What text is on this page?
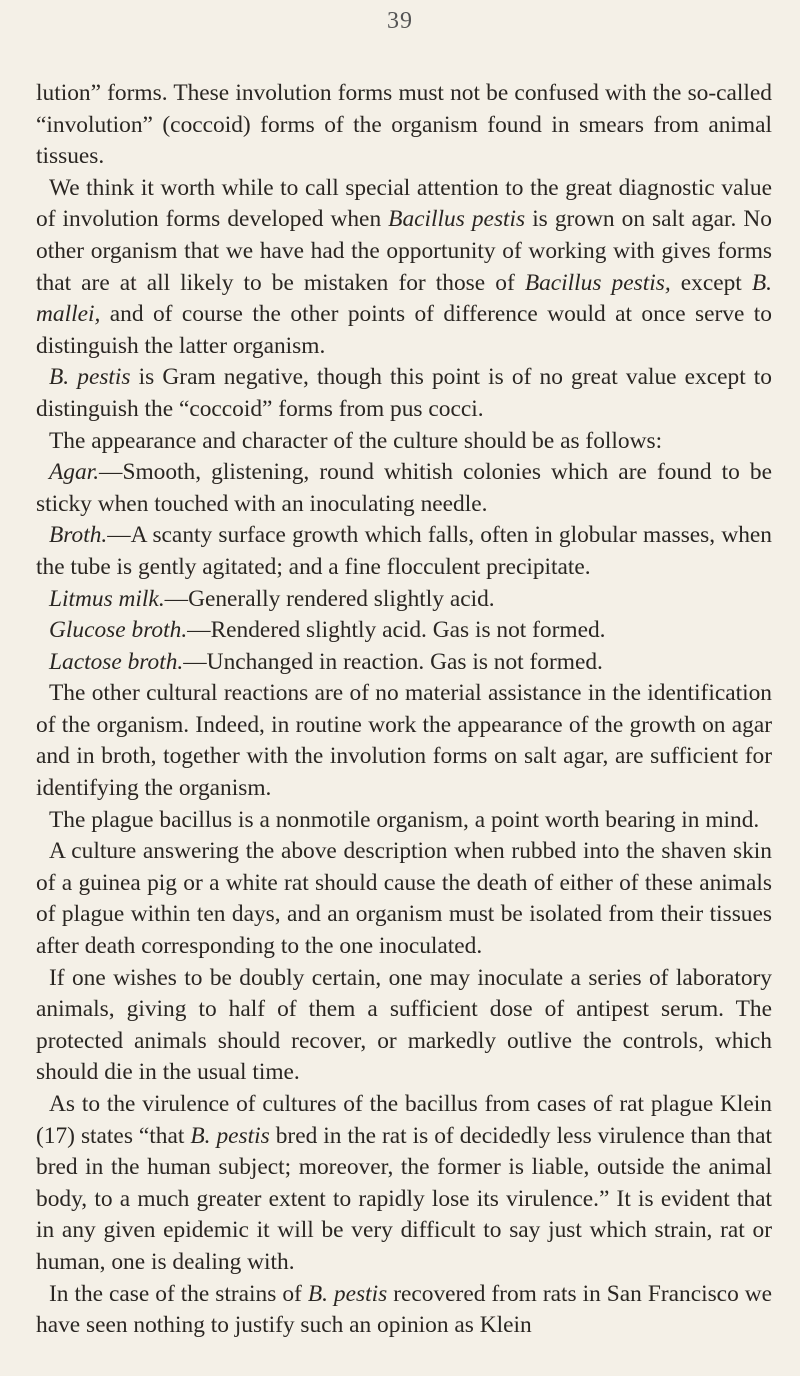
39

lution” forms. These involution forms must not be confused with the so-called “involution” (coccoid) forms of the organism found in smears from animal tissues.

We think it worth while to call special attention to the great diagnostic value of involution forms developed when Bacillus pestis is grown on salt agar. No other organism that we have had the opportunity of working with gives forms that are at all likely to be mistaken for those of Bacillus pestis, except B. mallei, and of course the other points of difference would at once serve to distinguish the latter organism.

B. pestis is Gram negative, though this point is of no great value except to distinguish the “coccoid” forms from pus cocci.

The appearance and character of the culture should be as follows:

Agar.—Smooth, glistening, round whitish colonies which are found to be sticky when touched with an inoculating needle.

Broth.—A scanty surface growth which falls, often in globular masses, when the tube is gently agitated; and a fine flocculent precipitate.

Litmus milk.—Generally rendered slightly acid.

Glucose broth.—Rendered slightly acid. Gas is not formed.

Lactose broth.—Unchanged in reaction. Gas is not formed.

The other cultural reactions are of no material assistance in the identification of the organism. Indeed, in routine work the appearance of the growth on agar and in broth, together with the involution forms on salt agar, are sufficient for identifying the organism.

The plague bacillus is a nonmotile organism, a point worth bearing in mind.

A culture answering the above description when rubbed into the shaven skin of a guinea pig or a white rat should cause the death of either of these animals of plague within ten days, and an organism must be isolated from their tissues after death corresponding to the one inoculated.

If one wishes to be doubly certain, one may inoculate a series of laboratory animals, giving to half of them a sufficient dose of antipest serum. The protected animals should recover, or markedly outlive the controls, which should die in the usual time.

As to the virulence of cultures of the bacillus from cases of rat plague Klein (17) states “that B. pestis bred in the rat is of decidedly less virulence than that bred in the human subject; moreover, the former is liable, outside the animal body, to a much greater extent to rapidly lose its virulence.” It is evident that in any given epidemic it will be very difficult to say just which strain, rat or human, one is dealing with.

In the case of the strains of B. pestis recovered from rats in San Francisco we have seen nothing to justify such an opinion as Klein
